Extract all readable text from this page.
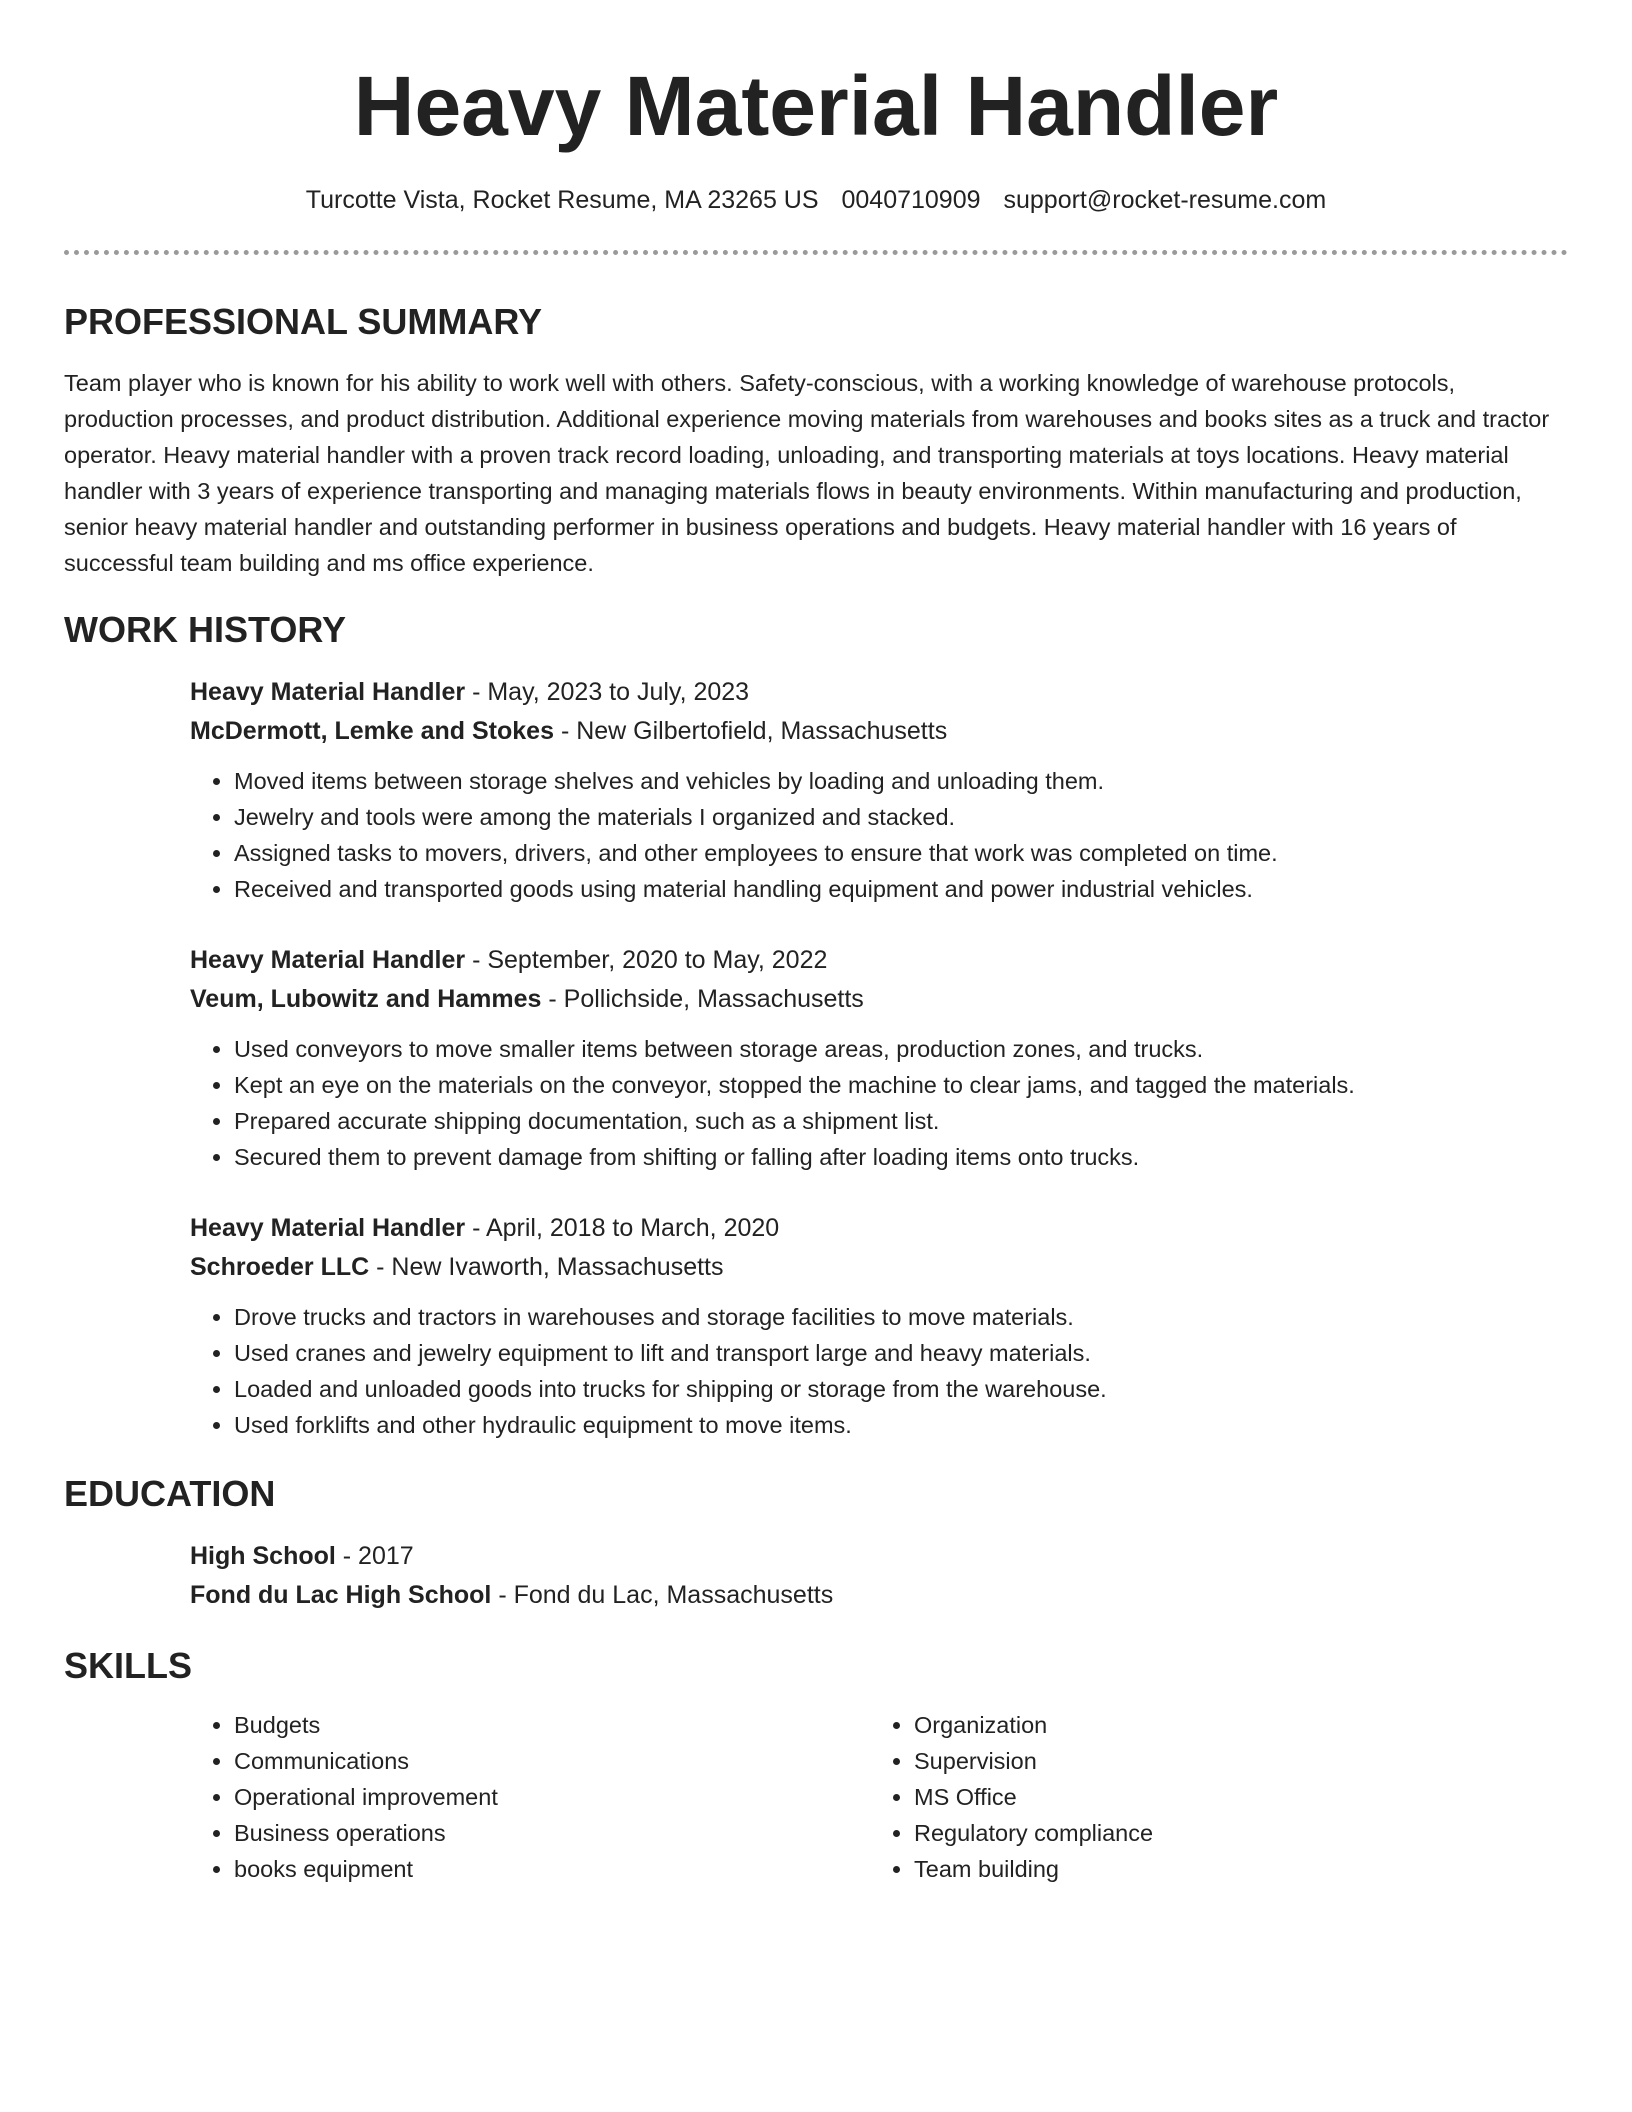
Heavy Material Handler
Turcotte Vista, Rocket Resume, MA 23265 US 0040710909 support@rocket-resume.com
PROFESSIONAL SUMMARY

Team player who is known for his ability to work well with others. Safety-conscious, with a working knowledge of warehouse protocols, production processes, and product distribution. Additional experience moving materials from warehouses and books sites as a truck and tractor operator. Heavy material handler with a proven track record loading, unloading, and transporting materials at toys locations. Heavy material handler with 3 years of experience transporting and managing materials flows in beauty environments. Within manufacturing and production, senior heavy material handler and outstanding performer in business operations and budgets. Heavy material handler with 16 years of successful team building and ms office experience.

WORK HISTORY
Heavy Material Handler - May, 2023 to July, 2023
McDermott, Lemke and Stokes - New Gilbertofield, Massachusetts
• Moved items between storage shelves and vehicles by loading and unloading them.
• Jewelry and tools were among the materials I organized and stacked.
• Assigned tasks to movers, drivers, and other employees to ensure that work was completed on time.
• Received and transported goods using material handling equipment and power industrial vehicles.
Heavy Material Handler - September, 2020 to May, 2022
Veum, Lubowitz and Hammes - Pollichside, Massachusetts
• Used conveyors to move smaller items between storage areas, production zones, and trucks.
• Kept an eye on the materials on the conveyor, stopped the machine to clear jams, and tagged the materials.
• Prepared accurate shipping documentation, such as a shipment list.
• Secured them to prevent damage from shifting or falling after loading items onto trucks.
Heavy Material Handler - April, 2018 to March, 2020
Schroeder LLC - New Ivaworth, Massachusetts
• Drove trucks and tractors in warehouses and storage facilities to move materials.
• Used cranes and jewelry equipment to lift and transport large and heavy materials.
• Loaded and unloaded goods into trucks for shipping or storage from the warehouse.
• Used forklifts and other hydraulic equipment to move items.
EDUCATION
High School - 2017
Fond du Lac High School - Fond du Lac, Massachusetts
SKILLS
• Budgets
• Communications
• Operational improvement
• Business operations
• books equipment
• Organization
• Supervision
• MS Office
• Regulatory compliance
• Team building
